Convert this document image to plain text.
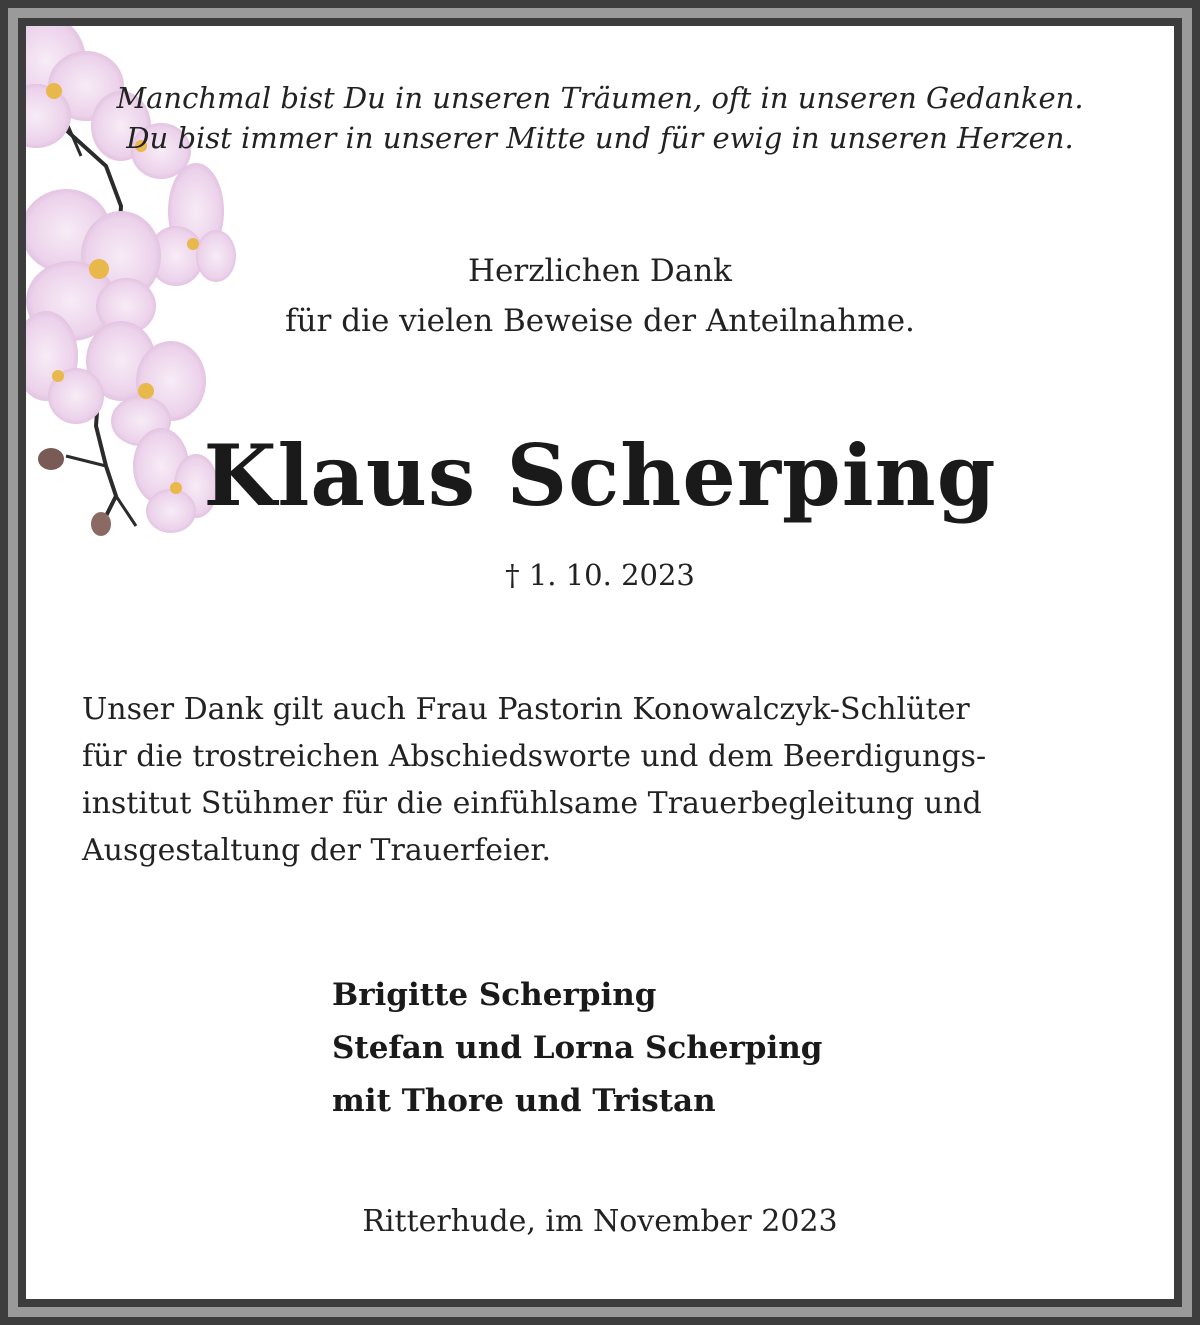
Manchmal bist Du in unseren Träumen, oft in unseren Gedanken.
Du bist immer in unserer Mitte und für ewig in unseren Herzen.
Herzlichen Dank
für die vielen Beweise der Anteilnahme.
Klaus Scherping
† 1. 10. 2023
Unser Dank gilt auch Frau Pastorin Konowalczyk-Schlüter
für die trostreichen Abschiedsworte und dem Beerdigungs-
institut Stühmer für die einfühlsame Trauerbegleitung und
Ausgestaltung der Trauerfeier.
Brigitte Scherping
Stefan und Lorna Scherping
mit Thore und Tristan
Ritterhude, im November 2023
